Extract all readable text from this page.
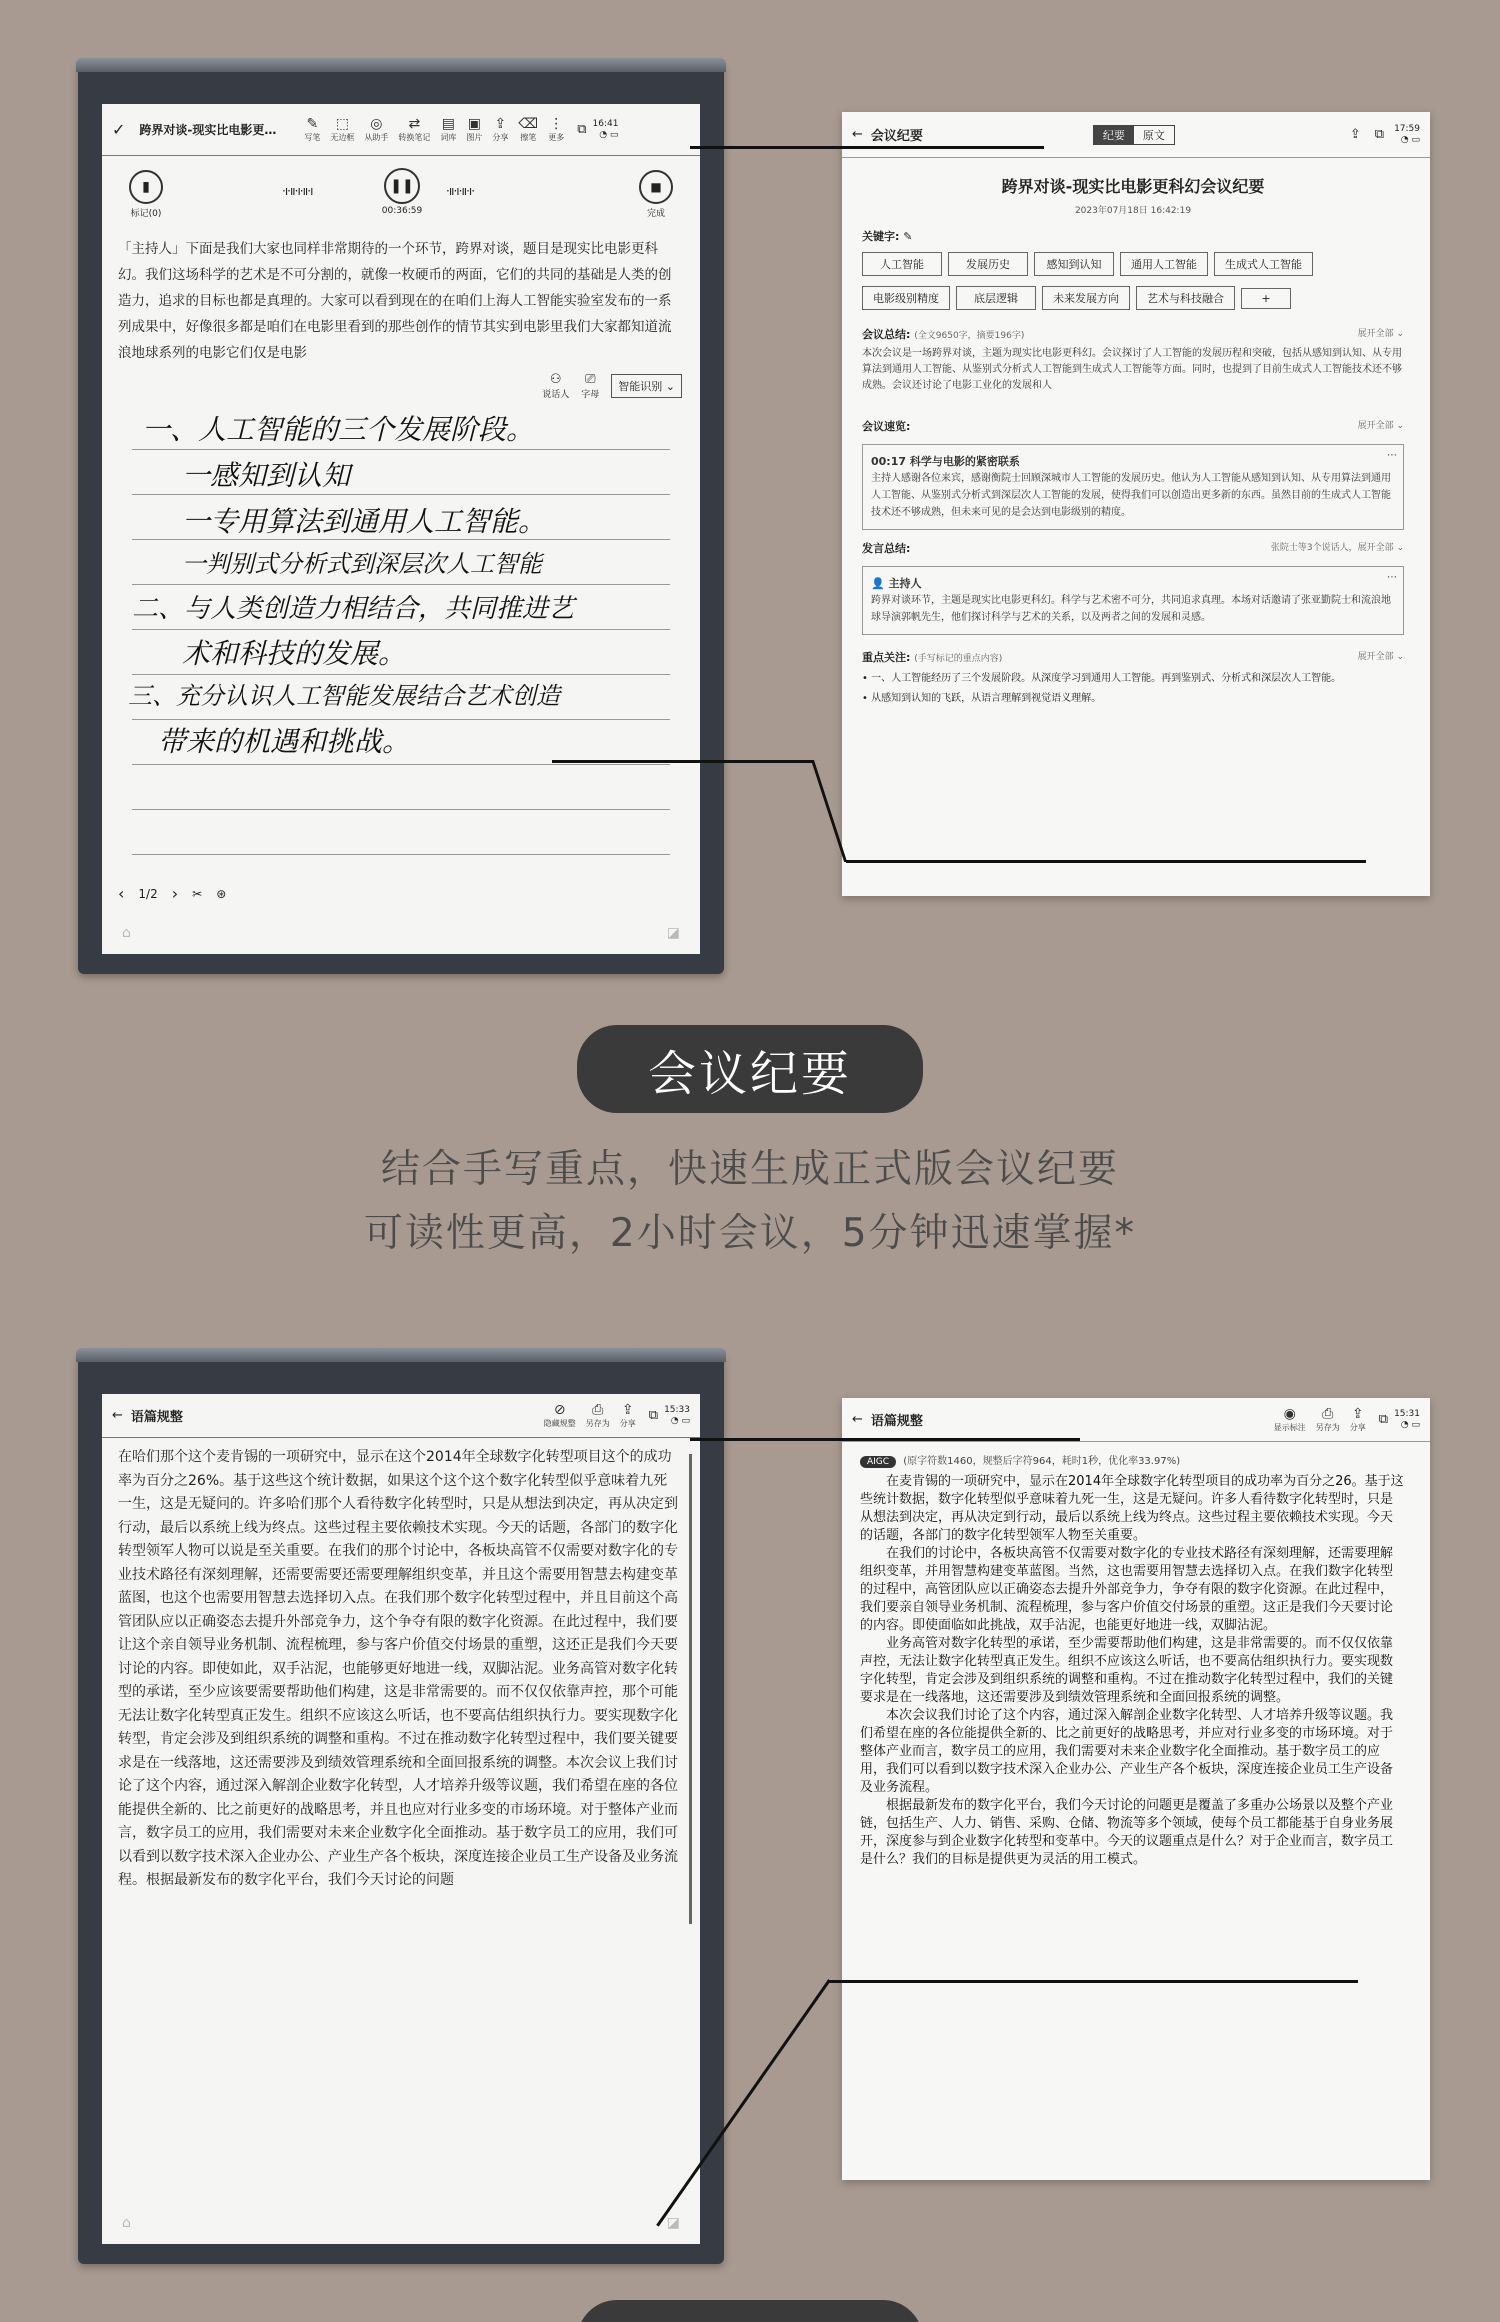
✓ 跨界对谈-现实比电影更…	✎
写笔
⬚
无边框
◎
从助手
⇄
转换笔记
▤
词库
▣
图片
⇪
分享
⌫
擦笔
⋮
更多
⧉ 16:41
◔ ▭
▮
标记(0)
·ı·ıı·ı·ıı·ı	❚❚
00:36:59
·ıı·ı·ıı·ı·	■
完成
「主持人」下面是我们大家也同样非常期待的一个环节，跨界对谈，题目是现实比电影更科幻。我们这场科学的艺术是不可分割的，就像一枚硬币的两面，它们的共同的基础是人类的创造力，追求的目标也都是真理的。大家可以看到现在的在咱们上海人工智能实验室发布的一系列成果中，好像很多都是咱们在电影里看到的那些创作的情节其实到电影里我们大家都知道流浪地球系列的电影它们仅是电影
⚇
说话人
⎚
字母
智能识别 ⌄
一、人工智能的三个发展阶段。
一感知到认知
一专用算法到通用人工智能。
一判别式分析式到深层次人工智能
二、与人类创造力相结合，共同推进艺
术和科技的发展。
三、充分认识人工智能发展结合艺术创造
带来的机遇和挑战。
‹ 1/2 › ✂ ⊛
⌂	◪
← 会议纪要	纪要	原文	⇪ ⧉ 17:59
◔ ▭
跨界对谈-现实比电影更科幻会议纪要
2023年07月18日 16:42:19
关键字: ✎
人工智能	发展历史	感知到认知	通用人工智能	生成式人工智能电影级别精度	底层逻辑	未来发展方向	艺术与科技融合	+
会议总结: (全文9650字，摘要196字)	展开全部 ⌄
本次会议是一场跨界对谈，主题为现实比电影更科幻。会议探讨了人工智能的发展历程和突破，包括从感知到认知、从专用算法到通用人工智能、从鉴别式分析式人工智能到生成式人工智能等方面。同时，也提到了目前生成式人工智能技术还不够成熟。会议还讨论了电影工业化的发展和人
会议速览:	展开全部 ⌄
⋯
00:17 科学与电影的紧密联系
主持人感谢各位来宾，感谢衡院士回顾深城市人工智能的发展历史。他认为人工智能从感知到认知、从专用算法到通用人工智能、从鉴别式分析式到深层次人工智能的发展，使得我们可以创造出更多新的东西。虽然目前的生成式人工智能技术还不够成熟，但未来可见的是会达到电影级别的精度。
发言总结:	张院士等3个说话人，展开全部 ⌄
⋯
👤 主持人
跨界对谈环节，主题是现实比电影更科幻。科学与艺术密不可分，共同追求真理。本场对话邀请了张亚勤院士和流浪地球导演郭帆先生，他们探讨科学与艺术的关系，以及两者之间的发展和灵感。
重点关注: (手写标记的重点内容)	展开全部 ⌄
• 一、人工智能经历了三个发展阶段。从深度学习到通用人工智能。再到鉴别式、分析式和深层次人工智能。
• 从感知到认知的飞跃，从语言理解到视觉语义理解。
会议纪要
结合手写重点，快速生成正式版会议纪要
可读性更高，2小时会议，5分钟迅速掌握*
← 语篇规整	⊘
隐藏规整
⎙
另存为
⇪
分享
⧉ 15:33
◔ ▭
在哈们那个这个麦肯锡的一项研究中，显示在这个2014年全球数字化转型项目这个的成功率为百分之26%。基于这些这个统计数据，如果这个这个这个数字化转型似乎意味着九死一生，这是无疑问的。许多哈们那个人看待数字化转型时，只是从想法到决定，再从决定到行动，最后以系统上线为终点。这些过程主要依赖技术实现。今天的话题，各部门的数字化转型领军人物可以说是至关重要。在我们的那个讨论中，各板块高管不仅需要对数字化的专业技术路径有深刻理解，还需要需要还需要理解组织变革，并且这个需要用智慧去构建变革蓝图，也这个也需要用智慧去选择切入点。在我们那个数字化转型过程中，并且目前这个高管团队应以正确姿态去提升外部竞争力，这个争夺有限的数字化资源。在此过程中，我们要让这个亲自领导业务机制、流程梳理，参与客户价值交付场景的重塑，这还正是我们今天要讨论的内容。即使如此，双手沾泥，也能够更好地进一线，双脚沾泥。业务高管对数字化转型的承诺，至少应该要需要帮助他们构建，这是非常需要的。而不仅仅依靠声控，那个可能无法让数字化转型真正发生。组织不应该这么听话，也不要高估组织执行力。要实现数字化转型，肯定会涉及到组织系统的调整和重构。不过在推动数字化转型过程中，我们要关键要求是在一线落地，这还需要涉及到绩效管理系统和全面回报系统的调整。本次会议上我们讨论了这个内容，通过深入解剖企业数字化转型，人才培养升级等议题，我们希望在座的各位能提供全新的、比之前更好的战略思考，并且也应对行业多变的市场环境。对于整体产业而言，数字员工的应用，我们需要对未来企业数字化全面推动。基于数字员工的应用，我们可以看到以数字技术深入企业办公、产业生产各个板块，深度连接企业员工生产设备及业务流程。根据最新发布的数字化平台，我们今天讨论的问题
⌂	◪
← 语篇规整	◉
显示标注
⎙
另存为
⇪
分享
⧉ 15:31
◔ ▭
AIGC (原字符数1460，规整后字符964，耗时1秒，优化率33.97%)
在麦肯锡的一项研究中，显示在2014年全球数字化转型项目的成功率为百分之26。基于这些统计数据，数字化转型似乎意味着九死一生，这是无疑问。许多人看待数字化转型时，只是从想法到决定，再从决定到行动，最后以系统上线为终点。这些过程主要依赖技术实现。今天的话题，各部门的数字化转型领军人物至关重要。
在我们的讨论中，各板块高管不仅需要对数字化的专业技术路径有深刻理解，还需要理解组织变革，并用智慧构建变革蓝图。当然，这也需要用智慧去选择切入点。在我们数字化转型的过程中，高管团队应以正确姿态去提升外部竞争力，争夺有限的数字化资源。在此过程中，我们要亲自领导业务机制、流程梳理，参与客户价值交付场景的重塑。这正是我们今天要讨论的内容。即使面临如此挑战，双手沾泥，也能更好地进一线，双脚沾泥。
业务高管对数字化转型的承诺，至少需要帮助他们构建，这是非常需要的。而不仅仅依靠声控，无法让数字化转型真正发生。组织不应该这么听话，也不要高估组织执行力。要实现数字化转型，肯定会涉及到组织系统的调整和重构。不过在推动数字化转型过程中，我们的关键要求是在一线落地，这还需要涉及到绩效管理系统和全面回报系统的调整。
本次会议我们讨论了这个内容，通过深入解剖企业数字化转型、人才培养升级等议题。我们希望在座的各位能提供全新的、比之前更好的战略思考，并应对行业多变的市场环境。对于整体产业而言，数字员工的应用，我们需要对未来企业数字化全面推动。基于数字员工的应用，我们可以看到以数字技术深入企业办公、产业生产各个板块，深度连接企业员工生产设备及业务流程。
根据最新发布的数字化平台，我们今天讨论的问题更是覆盖了多重办公场景以及整个产业链，包括生产、人力、销售、采购、仓储、物流等多个领域，使每个员工都能基于自身业务展开，深度参与到企业数字化转型和变革中。今天的议题重点是什么？对于企业而言，数字员工是什么？我们的目标是提供更为灵活的用工模式。
